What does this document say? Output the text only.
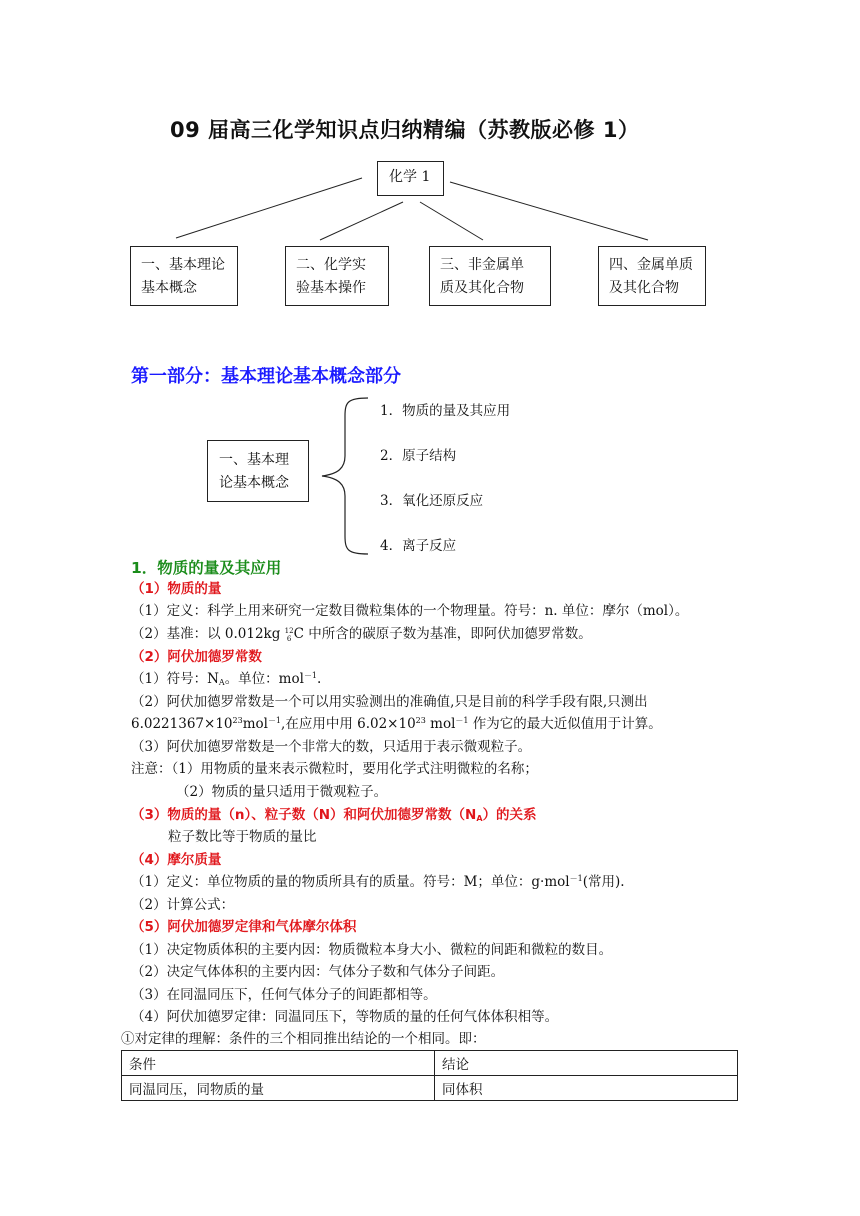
09 届高三化学知识点归纳精编（苏教版必修 1）
化学 1
一、基本理论
基本概念
二、化学实
验基本操作
三、非金属单
质及其化合物
四、金属单质
及其化合物
第一部分：基本理论基本概念部分
一、基本理
论基本概念
1．物质的量及其应用
2．原子结构
3．氧化还原反应
4．离子反应
1．物质的量及其应用
（1）物质的量
（1）定义：科学上用来研究一定数目微粒集体的一个物理量。符号：n. 单位：摩尔（mol）。
（2）基准：以 0.012kg 12
6 C 中所含的碳原子数为基准，即阿伏加德罗常数。
（2）阿伏加德罗常数
（1）符号：$N_A$。单位：mol$^{-1}$.
（2）阿伏加德罗常数是一个可以用实验测出的准确值,只是目前的科学手段有限,只测出
$6.0221367\times 10^{23}mol^{-1}$,在应用中用 $6.02\times 10^{23}$ mol$^{-1}$ 作为它的最大近似值用于计算。
（3）阿伏加德罗常数是一个非常大的数，只适用于表示微观粒子。
注意：（1）用物质的量来表示微粒时，要用化学式注明微粒的名称；
（2）物质的量只适用于微观粒子。
（3）物质的量（n）、粒子数（N）和阿伏加德罗常数$(N_A)$的关系
粒子数比等于物质的量比
（4）摩尔质量
（1）定义：单位物质的量的物质所具有的质量。符号：M；单位：g·mol$^{-1}$(常用).
（2）计算公式：
（5）阿伏加德罗定律和气体摩尔体积
（1）决定物质体积的主要内因：物质微粒本身大小、微粒的间距和微粒的数目。
（2）决定气体体积的主要内因：气体分子数和气体分子间距。
（3）在同温同压下，任何气体分子的间距都相等。
（4）阿伏加德罗定律：同温同压下，等物质的量的任何气体体积相等。
①对定律的理解：条件的三个相同推出结论的一个相同。即：
条件	结论
同温同压，同物质的量	同体积
